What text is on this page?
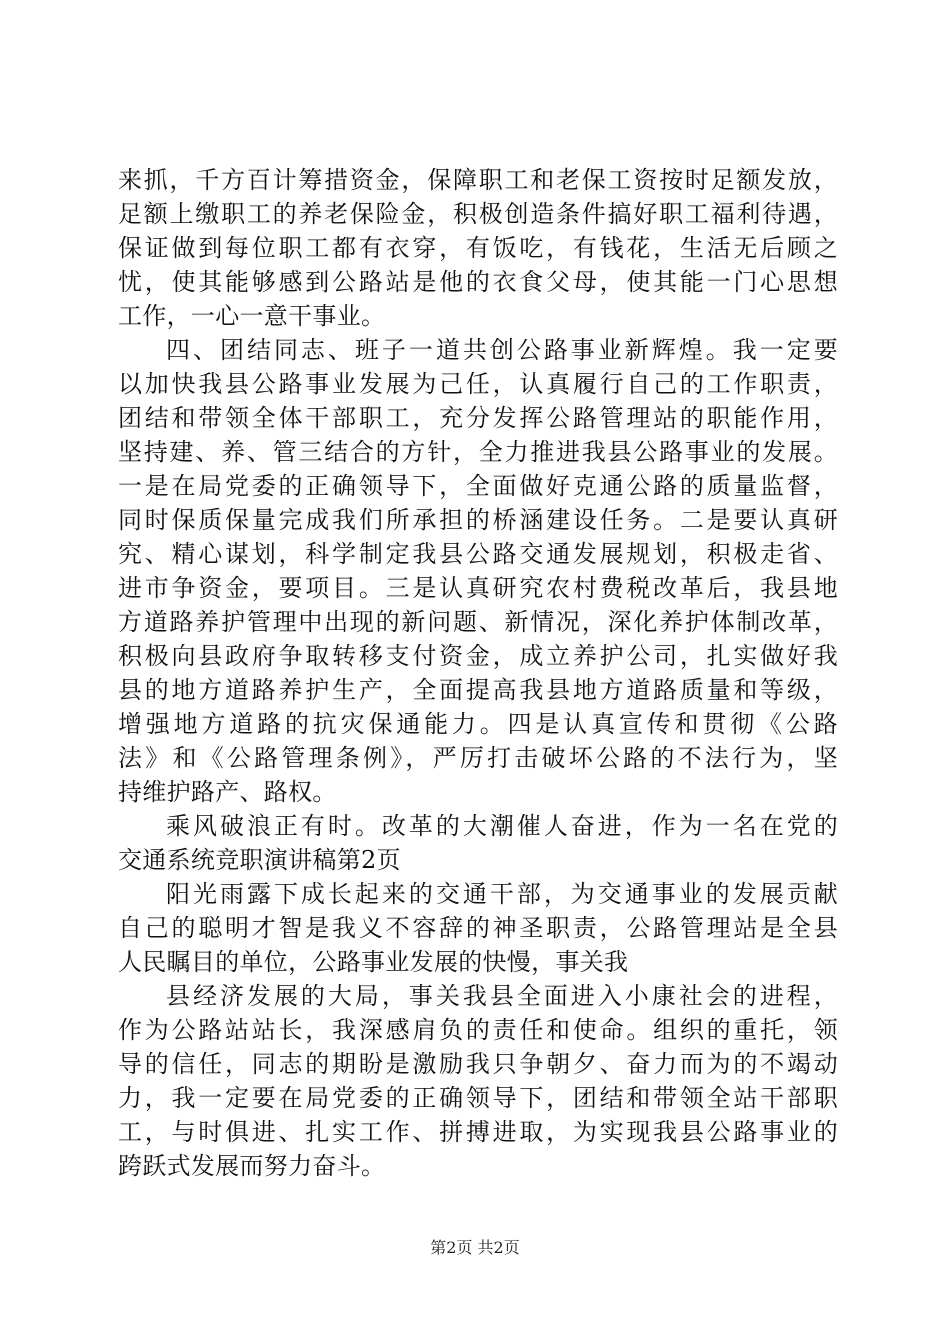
来抓，千方百计筹措资金，保障职工和老保工资按时足额发放，
足额上缴职工的养老保险金，积极创造条件搞好职工福利待遇，
保证做到每位职工都有衣穿，有饭吃，有钱花，生活无后顾之
忧，使其能够感到公路站是他的衣食父母，使其能一门心思想
工作，一心一意干事业。
四、团结同志、班子一道共创公路事业新辉煌。我一定要
以加快我县公路事业发展为己任，认真履行自己的工作职责，
团结和带领全体干部职工，充分发挥公路管理站的职能作用，
坚持建、养、管三结合的方针，全力推进我县公路事业的发展。
一是在局党委的正确领导下，全面做好克通公路的质量监督，
同时保质保量完成我们所承担的桥涵建设任务。二是要认真研
究、精心谋划，科学制定我县公路交通发展规划，积极走省、
进市争资金，要项目。三是认真研究农村费税改革后，我县地
方道路养护管理中出现的新问题、新情况，深化养护体制改革，
积极向县政府争取转移支付资金，成立养护公司，扎实做好我
县的地方道路养护生产，全面提高我县地方道路质量和等级，
增强地方道路的抗灾保通能力。四是认真宣传和贯彻《公路
法》和《公路管理条例》，严厉打击破坏公路的不法行为，坚
持维护路产、路权。
乘风破浪正有时。改革的大潮催人奋进，作为一名在党的
交通系统竞职演讲稿第2页
阳光雨露下成长起来的交通干部，为交通事业的发展贡献
自己的聪明才智是我义不容辞的神圣职责，公路管理站是全县
人民瞩目的单位，公路事业发展的快慢，事关我
县经济发展的大局，事关我县全面进入小康社会的进程，
作为公路站站长，我深感肩负的责任和使命。组织的重托，领
导的信任，同志的期盼是激励我只争朝夕、奋力而为的不竭动
力，我一定要在局党委的正确领导下，团结和带领全站干部职
工，与时俱进、扎实工作、拼搏进取，为实现我县公路事业的
跨跃式发展而努力奋斗。
第2页 共2页
